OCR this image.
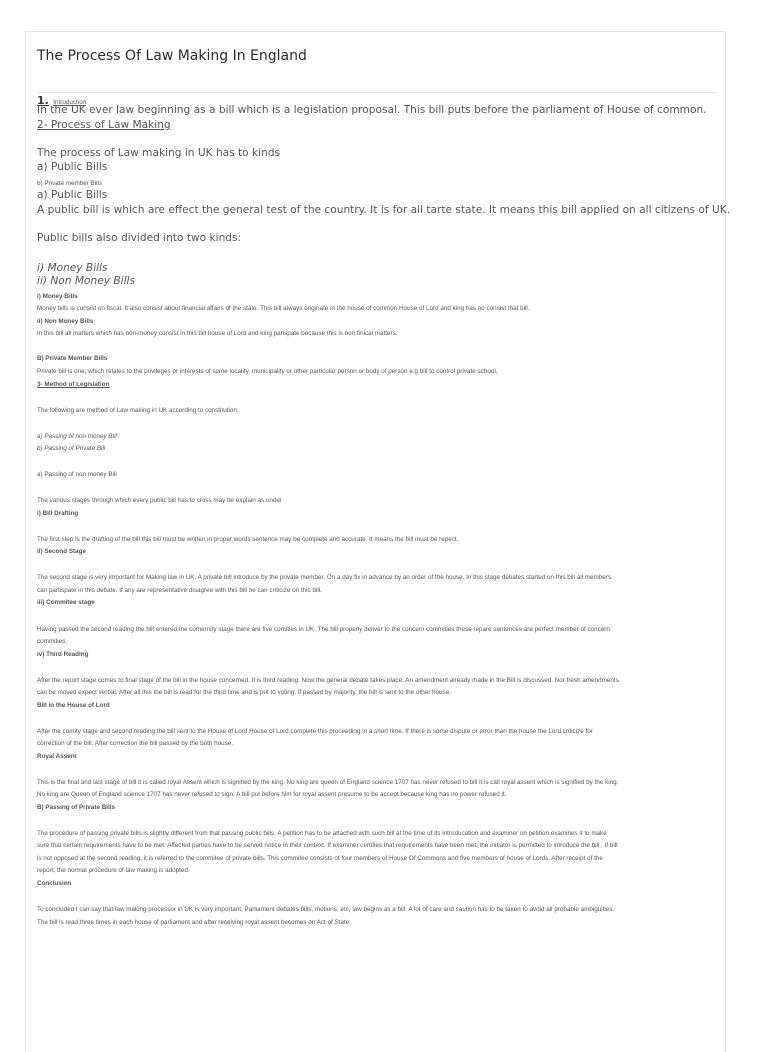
The Process Of Law Making In England
1. Introduction
In the UK ever law beginning as a bill which is a legislation proposal. This bill puts before the parliament of House of common.
2- Process of Law Making
The process of Law making in UK has to kinds
a) Public Bills
b) Private member Bills
a) Public Bills
A public bill is which are effect the general test of the country. It is for all tarte state. It means this bill applied on all citizens of UK.
Public bills also divided into two kinds:
i) Money Bills
ii) Non Money Bills
i) Money Bills
Money bills is consist on fiscal. It also consist about financial affairs of the state. This bill always originate in the house of common.House of Lord and king has no consist that bill.
ii) Non Money Bills
In this bill all matters which has non-money consist in this bill house of Lord and king parispate because this is non finical matters.
B) Private Member Bills
Private bill is one, which relates to the privileges or interests of some locality, municipality or other particular person or body of person e.g bill to control private school.
3- Method of Legislation
The following are method of Law making in UK according to constitution.
a) Passing of non money Bill
b) Passing of Private Bill
a) Passing of non money Bill
The various stages through which every public bill has to cross may be explain as under
i) Bill Drafting
The first step is the drafting of the bill this bill must be written in proper words sentence may be complete and accurate. It means the bill must be repect.
ii) Second Stage
The second stage is very important for Making law in UK. A private bill introduce by the private member. On a day fix in advance by an order of the house. In this stage debates started on this bill all members
can partispate in this debate. If any are representative disagree with this bill he can criticize on this bill.
iii) Commitee stage
Having passed the second reading the bill entered the comernity stage there are five comities in UK. The bill properly deliver to the concern commities these repare sentences are perfect member of concern
commities.
iv) Third Reading
After the report stage comes to final stage of the bill in the house concerned, It is third reading. Now the general debate takes place. An amendment already made in the Bill is discussed. Nor fresh amendments
can be moved expect verbal. After all this the bill is read for the third time and is put to voting. If passed by majority, the bill is sent to the other house.
Bill in the House of Lord
After the comity stage and second reading the bill sent to the House of Lord.House of Lord complete this proceeding in a short time. If there is some dispute or error than the house the Lord criticize for
correction of the bill. After correction the bill passed by the both house.
Royal Assent
This is the final and last stage of bill it is called royal Assent which is signified by the king. No king are queen of England science 1707 has never refused to bill it is call royal assent which is signified by the king.
No king are Queen of England science 1707 has never refused to sign. A bill put before him for royal assent presume to be accept because king has no power refused it.
B) Passing of Private Bills
The procedure of passing private bills is slightly different from that passing public bills. A petition has to be attached with such bill at the time of its introducation and examiner on petition examines it to make
sure that certain requirements have to be met. Affected parties have to be served notice in their context. If examiner certifies that requirements have been met, the initiator is permitted to introduce the bill . If bill
is not opposed at the second reading, it is referred to the commitee of private bills. This commitee consists of four members of House Of Commons and five members of house of Lords. After receipt of the
report, the normal procedure of law making is adopted.
Conclusion
To concluded I can say that law making processor in UK is very important. Parliament debates bills, motions, etc, law begins as a bill. A lot of care and caution has to be taken to avoid all probable ambiguities.
The bill is read three times in each house of parliament and after receiving royal assent becomes on Act of State.
